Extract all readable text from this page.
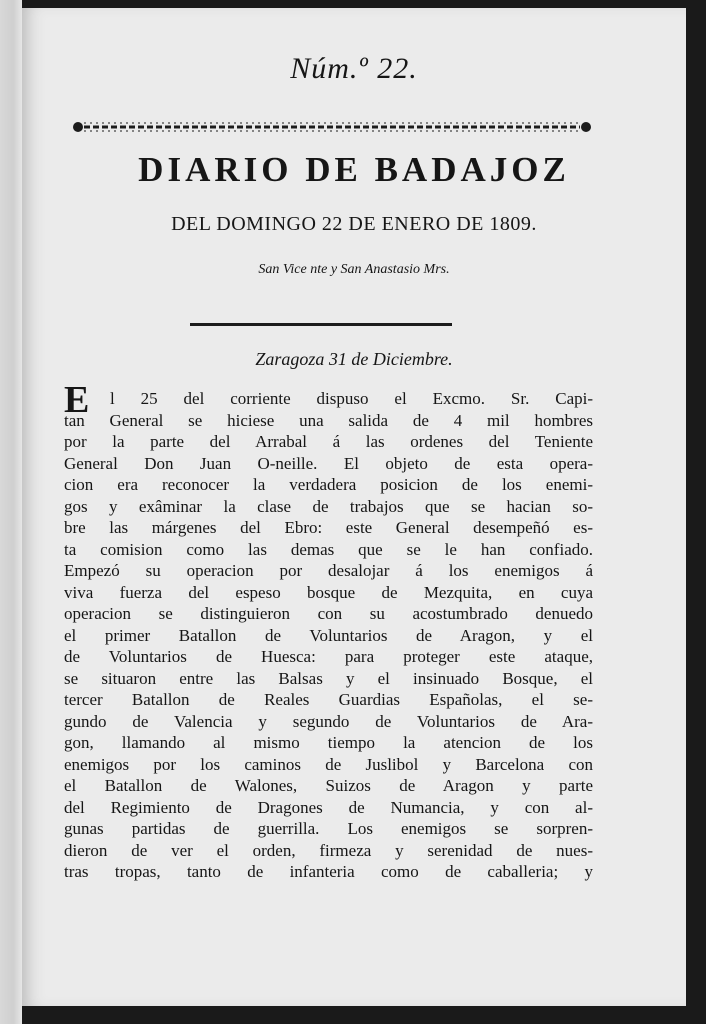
Núm.º 22.
DIARIO DE BADAJOZ
DEL DOMINGO 22 DE ENERO DE 1809.
San Vice nte y San Anastasio Mrs.
Zaragoza 31 de Diciembre.
E	l 25 del corriente dispuso el Excmo. Sr. Capi-
tan General se hiciese una salida de 4 mil hombres
por la parte del Arrabal á las ordenes del Teniente
General Don Juan O-neille. El objeto de esta opera-
cion era reconocer la verdadera posicion de los enemi-
gos y exâminar la clase de trabajos que se hacian so-
bre las márgenes del Ebro: este General desempeñó es-
ta comision como las demas que se le han confiado.
Empezó su operacion por desalojar á los enemigos á
viva fuerza del espeso bosque de Mezquita, en cuya
operacion se distinguieron con su acostumbrado denuedo
el primer Batallon de Voluntarios de Aragon, y el
de Voluntarios de Huesca: para proteger este ataque,
se situaron entre las Balsas y el insinuado Bosque, el
tercer Batallon de Reales Guardias Españolas, el se-
gundo de Valencia y segundo de Voluntarios de Ara-
gon, llamando al mismo tiempo la atencion de los
enemigos por los caminos de Juslibol y Barcelona con
el Batallon de Walones, Suizos de Aragon y parte
del Regimiento de Dragones de Numancia, y con al-
gunas partidas de guerrilla. Los enemigos se sorpren-
dieron de ver el orden, firmeza y serenidad de nues-
tras tropas, tanto de infanteria como de caballeria; y
